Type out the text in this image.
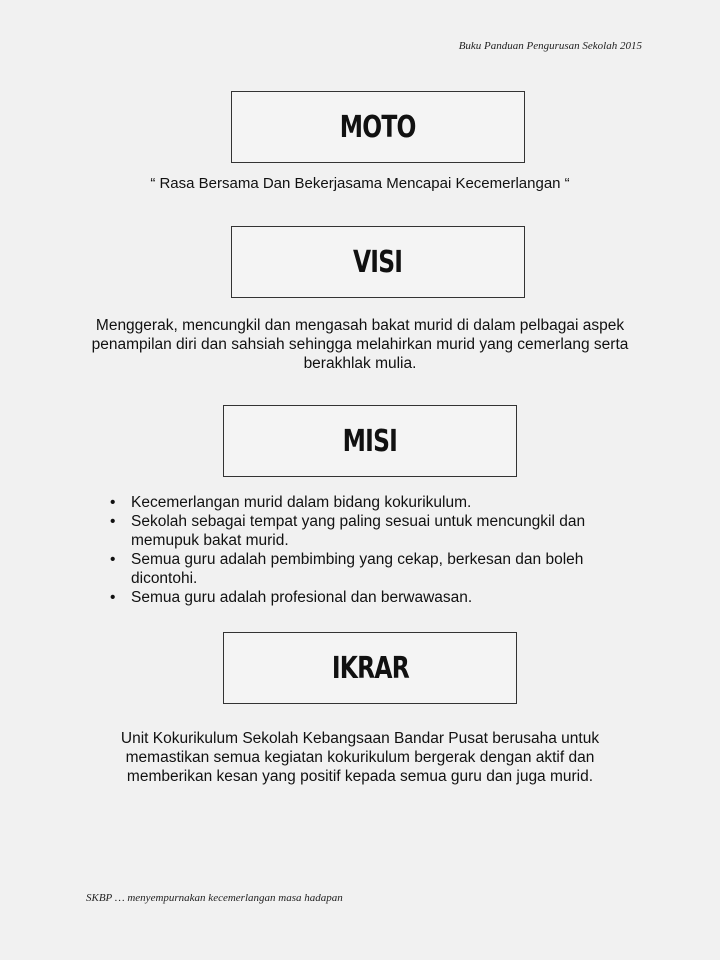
Buku Panduan Pengurusan Sekolah 2015
MOTO
“ Rasa Bersama Dan Bekerjasama Mencapai Kecemerlangan “
VISI
Menggerak, mencungkil dan mengasah bakat murid di dalam pelbagai aspek penampilan diri dan sahsiah sehingga melahirkan murid yang cemerlang serta berakhlak mulia.
MISI
• Kecemerlangan murid dalam bidang kokurikulum.
• Sekolah sebagai tempat yang paling sesuai untuk mencungkil dan memupuk bakat murid.
• Semua guru adalah pembimbing yang cekap, berkesan dan boleh dicontohi.
• Semua guru adalah profesional dan berwawasan.
IKRAR
Unit Kokurikulum Sekolah Kebangsaan Bandar Pusat berusaha untuk memastikan semua kegiatan kokurikulum bergerak dengan aktif dan memberikan kesan yang positif kepada semua guru dan juga murid.
SKBP … menyempurnakan kecemerlangan masa hadapan
